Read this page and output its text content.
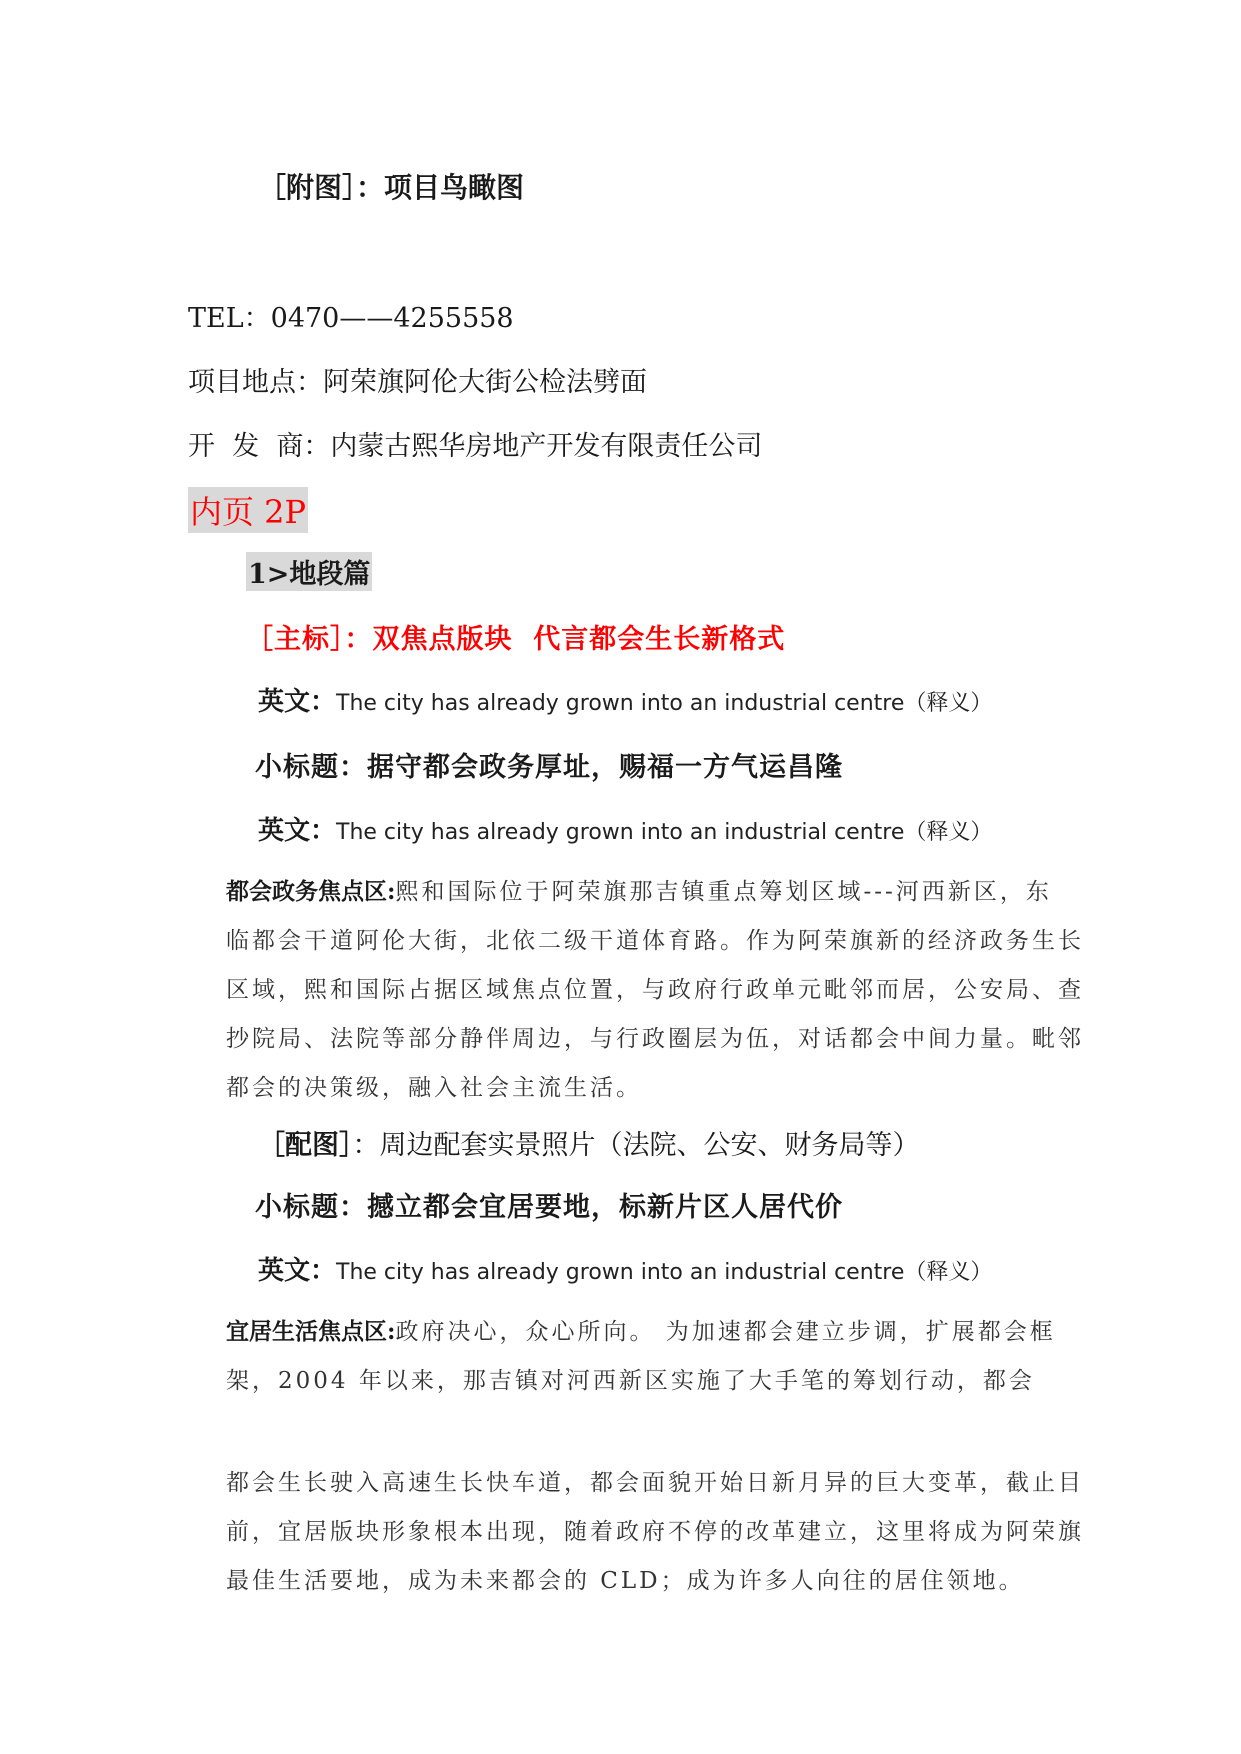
［附图］：项目鸟瞰图

TEL：0470——4255558

项目地点：阿荣旗阿伦大街公检法劈面

开  发  商：内蒙古熙华房地产开发有限责任公司

内页 2P

1>地段篇

［主标］：双焦点版块  代言都会生长新格式

英文：The city has already grown into an industrial centre（释义）

小标题：据守都会政务厚址，赐福一方气运昌隆

英文：The city has already grown into an industrial centre（释义）
都会政务焦点区:熙和国际位于阿荣旗那吉镇重点筹划区域---河西新区，东

临都会干道阿伦大街，北依二级干道体育路。作为阿荣旗新的经济政务生长

区域，熙和国际占据区域焦点位置，与政府行政单元毗邻而居，公安局、查

抄院局、法院等部分静伴周边，与行政圈层为伍，对话都会中间力量。毗邻

都会的决策级，融入社会主流生活。

［配图］：周边配套实景照片（法院、公安、财务局等）

小标题：撼立都会宜居要地，标新片区人居代价

英文：The city has already grown into an industrial centre（释义）
宜居生活焦点区:政府决心，众心所向。 为加速都会建立步调，扩展都会框

架，2004 年以来，那吉镇对河西新区实施了大手笔的筹划行动，都会

都会生长驶入高速生长快车道，都会面貌开始日新月异的巨大变革，截止目

前，宜居版块形象根本出现，随着政府不停的改革建立，这里将成为阿荣旗

最佳生活要地，成为未来都会的 CLD；成为许多人向往的居住领地。
